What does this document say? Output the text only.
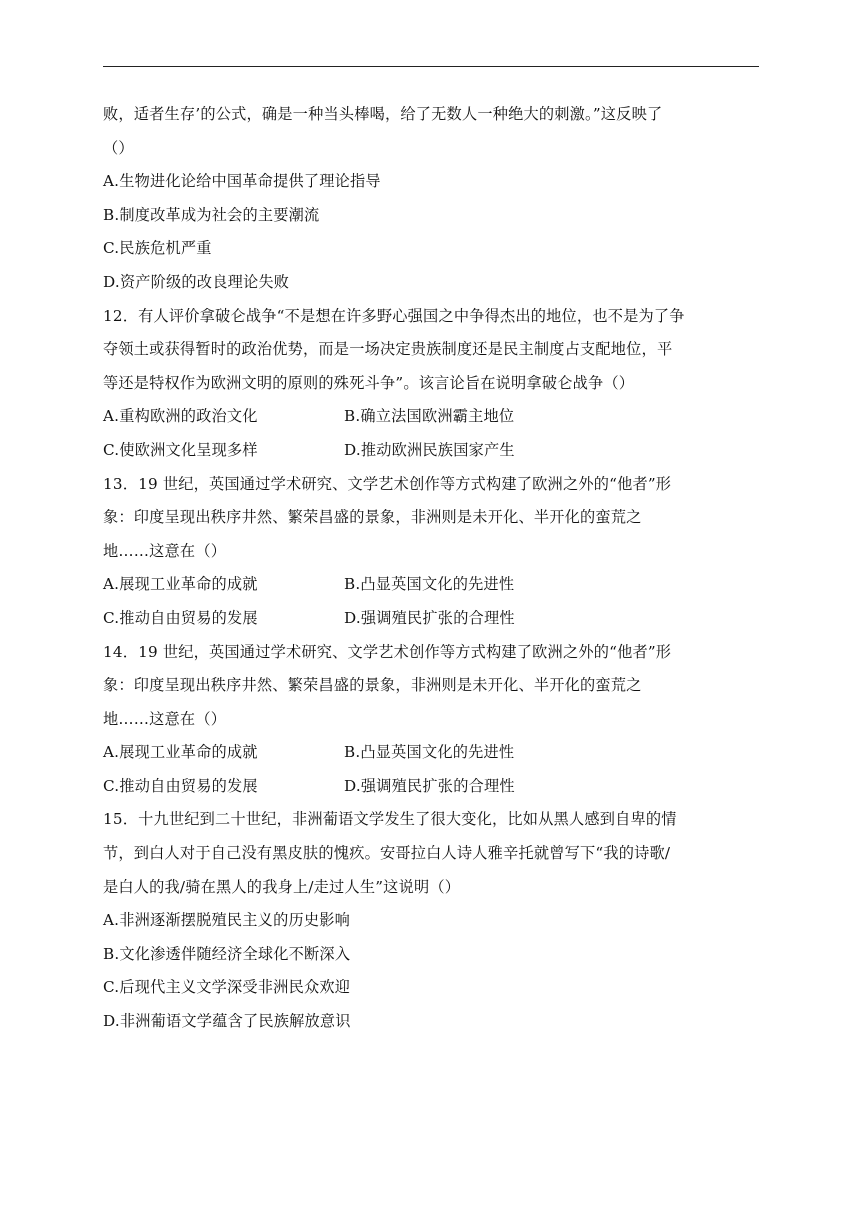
败，适者生存’的公式，确是一种当头棒喝，给了无数人一种绝大的刺激。”这反映了
（）
A.生物进化论给中国革命提供了理论指导
B.制度改革成为社会的主要潮流
C.民族危机严重
D.资产阶级的改良理论失败
12．有人评价拿破仑战争“不是想在许多野心强国之中争得杰出的地位，也不是为了争
夺领土或获得暂时的政治优势，而是一场决定贵族制度还是民主制度占支配地位，平
等还是特权作为欧洲文明的原则的殊死斗争”。该言论旨在说明拿破仑战争（）
A.重构欧洲的政治文化	B.确立法国欧洲霸主地位
C.使欧洲文化呈现多样	D.推动欧洲民族国家产生
13．19 世纪，英国通过学术研究、文学艺术创作等方式构建了欧洲之外的“他者”形
象：印度呈现出秩序井然、繁荣昌盛的景象，非洲则是未开化、半开化的蛮荒之
地……这意在（）
A.展现工业革命的成就	B.凸显英国文化的先进性
C.推动自由贸易的发展	D.强调殖民扩张的合理性
14．19 世纪，英国通过学术研究、文学艺术创作等方式构建了欧洲之外的“他者”形
象：印度呈现出秩序井然、繁荣昌盛的景象，非洲则是未开化、半开化的蛮荒之
地……这意在（）
A.展现工业革命的成就	B.凸显英国文化的先进性
C.推动自由贸易的发展	D.强调殖民扩张的合理性
15．十九世纪到二十世纪，非洲葡语文学发生了很大变化，比如从黑人感到自卑的情
节，到白人对于自己没有黑皮肤的愧疚。安哥拉白人诗人雅辛托就曾写下“我的诗歌/
是白人的我/骑在黑人的我身上/走过人生”这说明（）
A.非洲逐渐摆脱殖民主义的历史影响
B.文化渗透伴随经济全球化不断深入
C.后现代主义文学深受非洲民众欢迎
D.非洲葡语文学蕴含了民族解放意识
